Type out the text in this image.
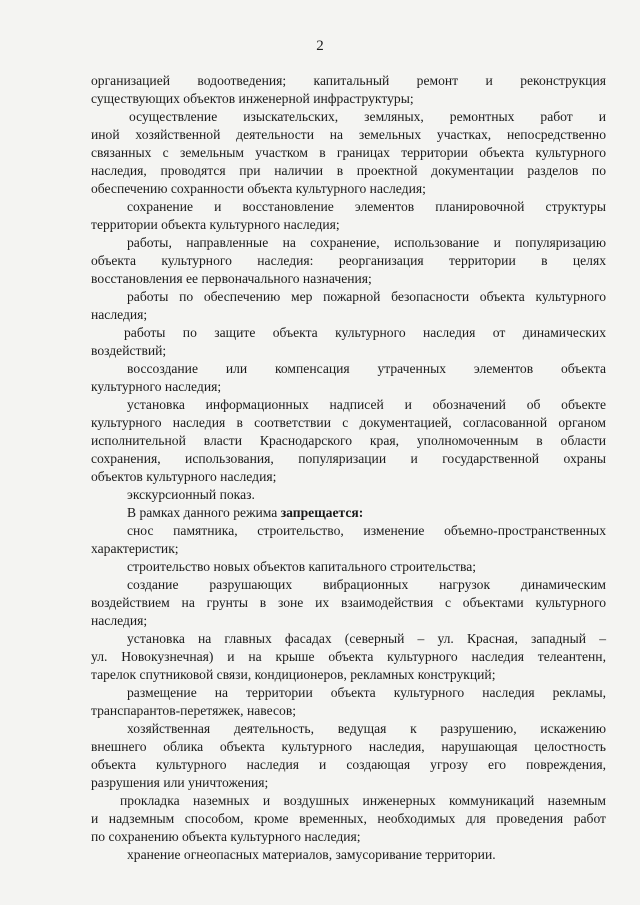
2
организацией водоотведения; капитальный ремонт и реконструкция
существующих объектов инженерной инфраструктуры;
осуществление изыскательских, земляных, ремонтных работ и
иной хозяйственной деятельности на земельных участках, непосредственно
связанных с земельным участком в границах территории объекта культурного
наследия, проводятся при наличии в проектной документации разделов по
обеспечению сохранности объекта культурного наследия;
сохранение и восстановление элементов планировочной структуры
территории объекта культурного наследия;
работы, направленные на сохранение, использование и популяризацию
объекта культурного наследия: реорганизация территории в целях
восстановления ее первоначального назначения;
работы по обеспечению мер пожарной безопасности объекта культурного
наследия;
работы по защите объекта культурного наследия от динамических
воздействий;
воссоздание или компенсация утраченных элементов объекта
культурного наследия;
установка информационных надписей и обозначений об объекте
культурного наследия в соответствии с документацией, согласованной органом
исполнительной власти Краснодарского края, уполномоченным в области
сохранения, использования, популяризации и государственной охраны
объектов культурного наследия;
экскурсионный показ.
В рамках данного режима запрещается:
снос памятника, строительство, изменение объемно-пространственных
характеристик;
строительство новых объектов капитального строительства;
создание разрушающих вибрационных нагрузок динамическим
воздействием на грунты в зоне их взаимодействия с объектами культурного
наследия;
установка на главных фасадах (северный – ул. Красная, западный –
ул. Новокузнечная) и на крыше объекта культурного наследия телеантенн,
тарелок спутниковой связи, кондиционеров, рекламных конструкций;
размещение на территории объекта культурного наследия рекламы,
транспарантов-перетяжек, навесов;
хозяйственная деятельность, ведущая к разрушению, искажению
внешнего облика объекта культурного наследия, нарушающая целостность
объекта культурного наследия и создающая угрозу его повреждения,
разрушения или уничтожения;
прокладка наземных и воздушных инженерных коммуникаций наземным
и надземным способом, кроме временных, необходимых для проведения работ
по сохранению объекта культурного наследия;
хранение огнеопасных материалов, замусоривание территории.
